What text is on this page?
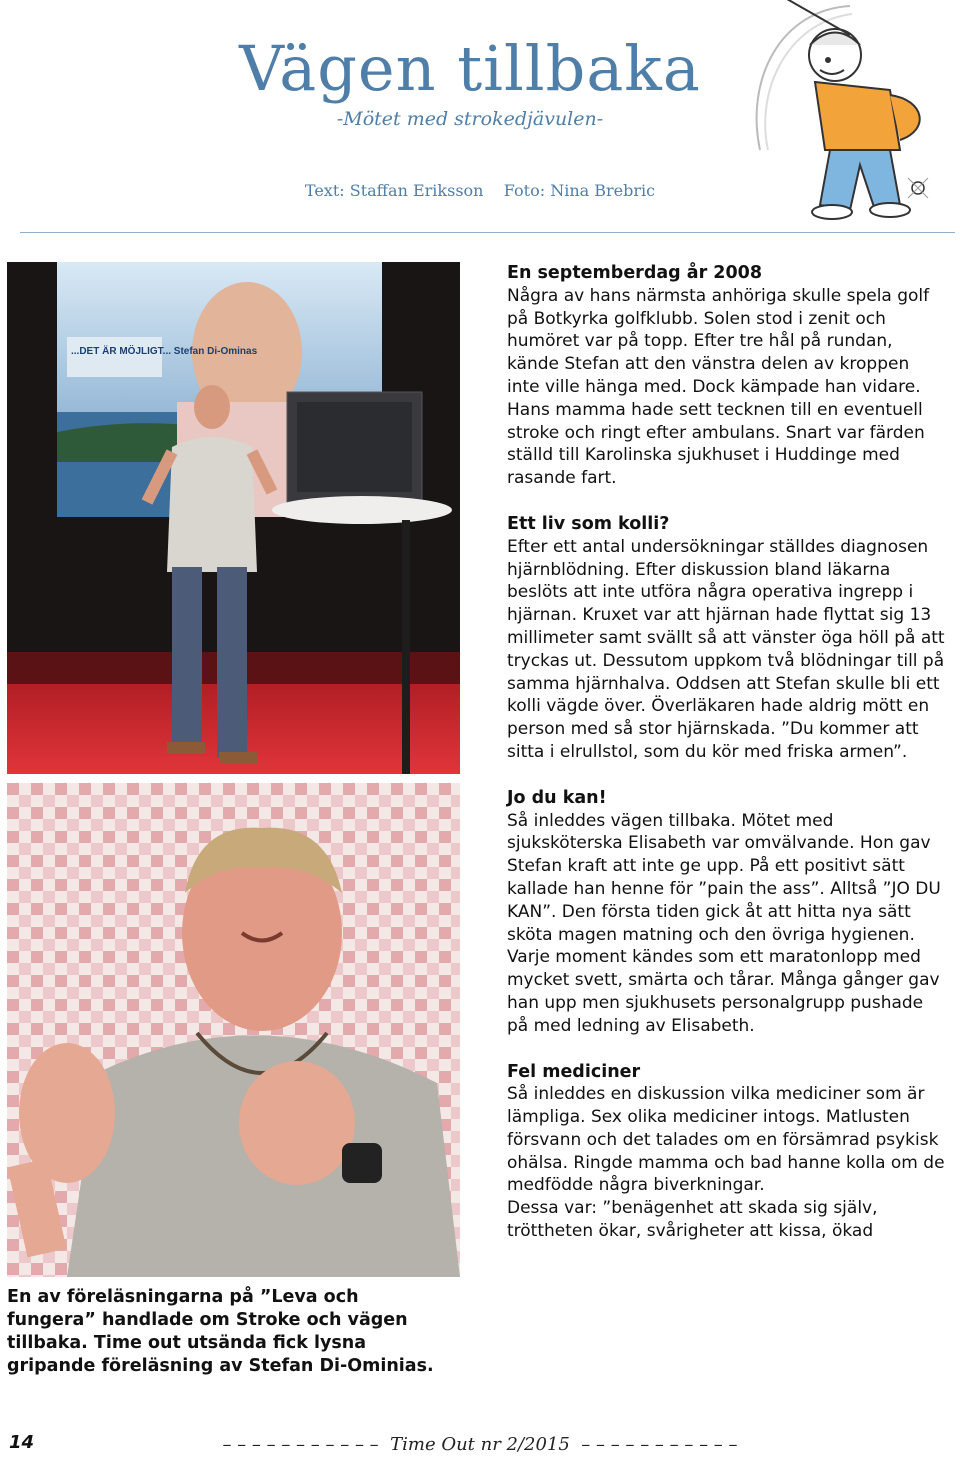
Vägen tillbaka
-Mötet med strokedjävulen-
Text: Staffan Eriksson    Foto: Nina Brebric
...DET ÄR MÖJLIGT... Stefan Di-Ominas
En av föreläsningarna på ”Leva och fungera” handlade om Stroke och vägen tillbaka. Time out utsända fick lysna gripande föreläsning av Stefan Di-Ominias.
En septemberdag år 2008

Några av hans närmsta anhöriga skulle spela golf på Botkyrka golfklubb. Solen stod i zenit och humöret var på topp. Efter tre hål på rundan, kände Stefan att den vänstra delen av kroppen inte ville hänga med. Dock kämpade han vidare. Hans mamma hade sett tecknen till en eventuell stroke och ringt efter ambulans. Snart var färden ställd till Karolinska sjukhuset i Huddinge med rasande fart.

Ett liv som kolli?

Efter ett antal undersökningar ställdes diagnosen hjärnblödning. Efter diskussion bland läkarna beslöts att inte utföra några operativa ingrepp i hjärnan. Kruxet var att hjärnan hade flyttat sig 13 millimeter samt svällt så att vänster öga höll på att tryckas ut. Dessutom uppkom två blödningar till på samma hjärnhalva. Oddsen att Stefan skulle bli ett kolli vägde över. Överläkaren hade aldrig mött en person med så stor hjärnskada. ”Du kommer att sitta i elrullstol, som du kör med friska armen”.

Jo du kan!

Så inleddes vägen tillbaka. Mötet med sjuksköterska Elisabeth var omvälvande. Hon gav Stefan kraft att inte ge upp. På ett positivt sätt kallade han henne för ”pain the ass”. Alltså ”JO DU KAN”. Den första tiden gick åt att hitta nya sätt sköta magen matning och den övriga hygienen. Varje moment kändes som ett maratonlopp med mycket svett, smärta och tårar. Många gånger gav han upp men sjukhusets personalgrupp pushade på med ledning av Elisabeth.

Fel mediciner

Så inleddes en diskussion vilka mediciner som är lämpliga. Sex olika mediciner intogs. Matlusten försvann och det talades om en försämrad psykisk ohälsa. Ringde mamma och bad hanne kolla om de medfödde några biverkningar.

Dessa var: ”benägenhet att skada sig själv, tröttheten ökar, svårigheter att kissa, ökad

14	– – – – – – – – – – –  Time Out nr 2/2015  – – – – – – – – – – –
